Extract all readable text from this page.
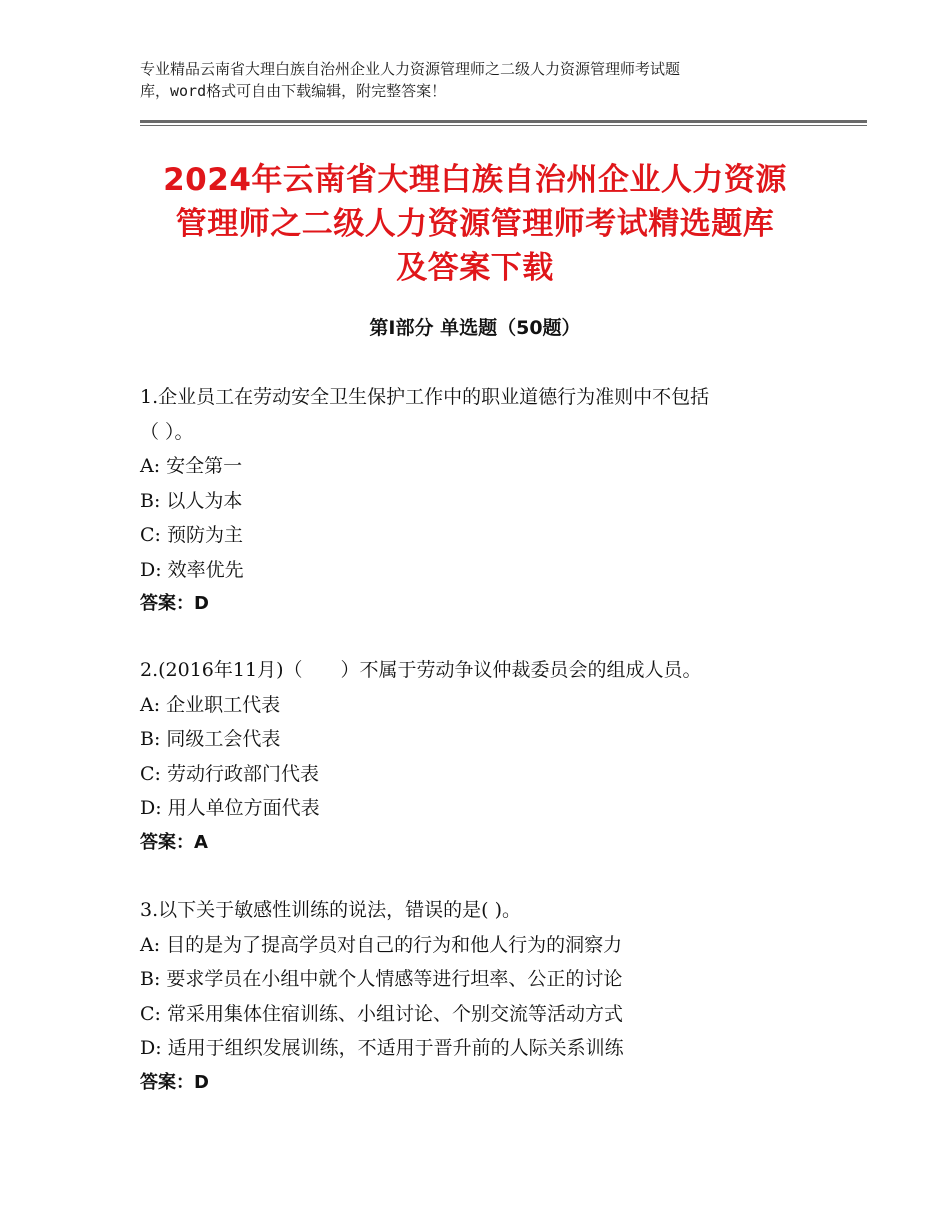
专业精品云南省大理白族自治州企业人力资源管理师之二级人力资源管理师考试题
库，word格式可自由下载编辑，附完整答案！
2024年云南省大理白族自治州企业人力资源
管理师之二级人力资源管理师考试精选题库
及答案下载
第Ⅰ部分 单选题（50题）
1.企业员工在劳动安全卫生保护工作中的职业道德行为准则中不包括
（ ）。
A: 安全第一
B: 以人为本
C: 预防为主
D: 效率优先
答案：D
2.(2016年11月)（　　）不属于劳动争议仲裁委员会的组成人员。
A: 企业职工代表
B: 同级工会代表
C: 劳动行政部门代表
D: 用人单位方面代表
答案：A
3.以下关于敏感性训练的说法，错误的是( )。
A: 目的是为了提高学员对自己的行为和他人行为的洞察力
B: 要求学员在小组中就个人情感等进行坦率、公正的讨论
C: 常采用集体住宿训练、小组讨论、个别交流等活动方式
D: 适用于组织发展训练，不适用于晋升前的人际关系训练
答案：D
